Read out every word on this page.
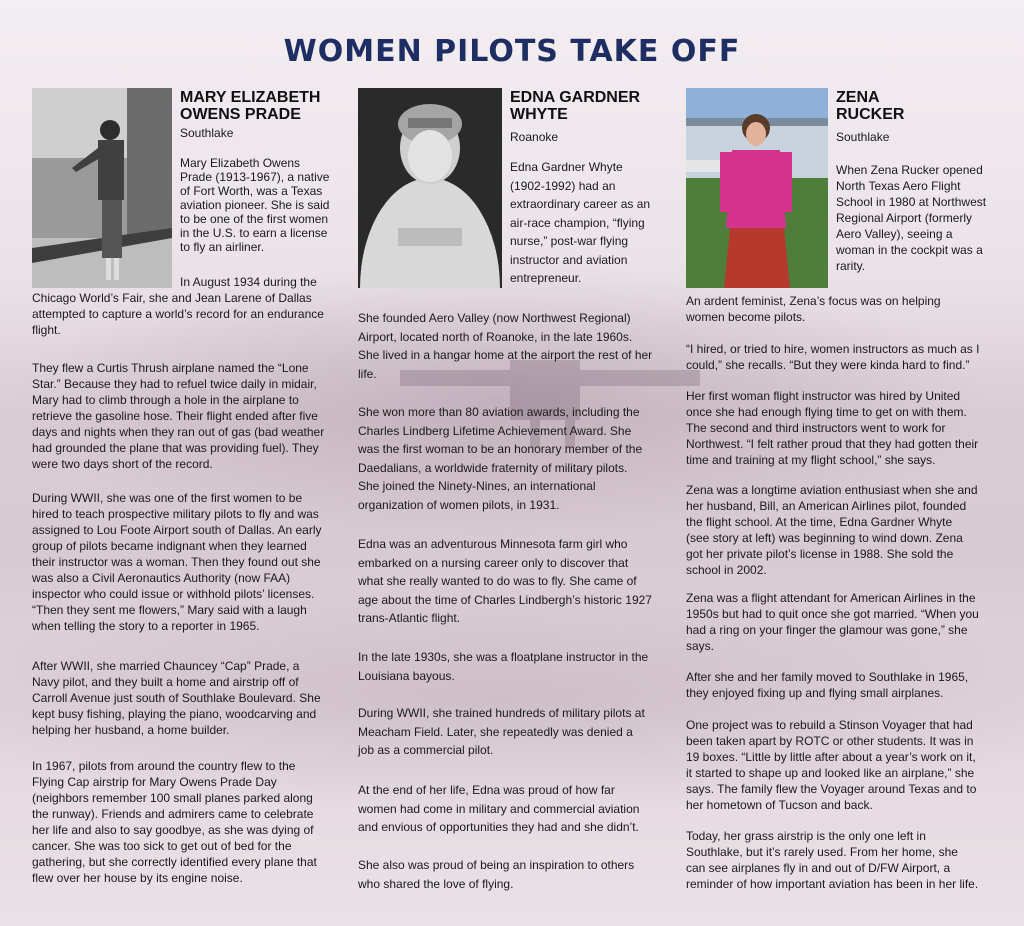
WOMEN PILOTS TAKE OFF
MARY ELIZABETH
OWENS PRADE
Southlake
Mary Elizabeth Owens
Prade (1913-1967), a native
of Fort Worth, was a Texas
aviation pioneer. She is said
to be one of the first women
in the U.S. to earn a license
to fly an airliner.
In August 1934 during the
Chicago World’s Fair, she and Jean Larene of Dallas
attempted to capture a world’s record for an endurance
flight.
They flew a Curtis Thrush airplane named the “Lone
Star.” Because they had to refuel twice daily in midair,
Mary had to climb through a hole in the airplane to
retrieve the gasoline hose. Their flight ended after five
days and nights when they ran out of gas (bad weather
had grounded the plane that was providing fuel). They
were two days short of the record.
During WWII, she was one of the first women to be
hired to teach prospective military pilots to fly and was
assigned to Lou Foote Airport south of Dallas. An early
group of pilots became indignant when they learned
their instructor was a woman. Then they found out she
was also a Civil Aeronautics Authority (now FAA)
inspector who could issue or withhold pilots’ licenses.
“Then they sent me flowers,” Mary said with a laugh
when telling the story to a reporter in 1965.
After WWII, she married Chauncey “Cap” Prade, a
Navy pilot, and they built a home and airstrip off of
Carroll Avenue just south of Southlake Boulevard. She
kept busy fishing, playing the piano, woodcarving and
helping her husband, a home builder.
In 1967, pilots from around the country flew to the
Flying Cap airstrip for Mary Owens Prade Day
(neighbors remember 100 small planes parked along
the runway). Friends and admirers came to celebrate
her life and also to say goodbye, as she was dying of
cancer. She was too sick to get out of bed for the
gathering, but she correctly identified every plane that
flew over her house by its engine noise.
EDNA GARDNER
WHYTE
Roanoke
Edna Gardner Whyte
(1902-1992) had an
extraordinary career as an
air-race champion, “flying
nurse,” post-war flying
instructor and aviation
entrepreneur.
She founded Aero Valley (now Northwest Regional)
Airport, located north of Roanoke, in the late 1960s.
She lived in a hangar home at the airport the rest of her
life.
She won more than 80 aviation awards, including the
Charles Lindberg Lifetime Achievement Award. She
was the first woman to be an honorary member of the
Daedalians, a worldwide fraternity of military pilots.
She joined the Ninety-Nines, an international
organization of women pilots, in 1931.
Edna was an adventurous Minnesota farm girl who
embarked on a nursing career only to discover that
what she really wanted to do was to fly. She came of
age about the time of Charles Lindbergh’s historic 1927
trans-Atlantic flight.
In the late 1930s, she was a floatplane instructor in the
Louisiana bayous.
During WWII, she trained hundreds of military pilots at
Meacham Field. Later, she repeatedly was denied a
job as a commercial pilot.
At the end of her life, Edna was proud of how far
women had come in military and commercial aviation
and envious of opportunities they had and she didn’t.
She also was proud of being an inspiration to others
who shared the love of flying.
ZENA
RUCKER
Southlake
When Zena Rucker opened
North Texas Aero Flight
School in 1980 at Northwest
Regional Airport (formerly
Aero Valley), seeing a
woman in the cockpit was a
rarity.
An ardent feminist, Zena’s focus was on helping
women become pilots.
“I hired, or tried to hire, women instructors as much as I
could,” she recalls. “But they were kinda hard to find.”
Her first woman flight instructor was hired by United
once she had enough flying time to get on with them.
The second and third instructors went to work for
Northwest. “I felt rather proud that they had gotten their
time and training at my flight school,” she says.
Zena was a longtime aviation enthusiast when she and
her husband, Bill, an American Airlines pilot, founded
the flight school. At the time, Edna Gardner Whyte
(see story at left) was beginning to wind down. Zena
got her private pilot’s license in 1988. She sold the
school in 2002.
Zena was a flight attendant for American Airlines in the
1950s but had to quit once she got married. “When you
had a ring on your finger the glamour was gone,” she
says.
After she and her family moved to Southlake in 1965,
they enjoyed fixing up and flying small airplanes.
One project was to rebuild a Stinson Voyager that had
been taken apart by ROTC or other students. It was in
19 boxes. “Little by little after about a year’s work on it,
it started to shape up and looked like an airplane,” she
says. The family flew the Voyager around Texas and to
her hometown of Tucson and back.
Today, her grass airstrip is the only one left in
Southlake, but it’s rarely used. From her home, she
can see airplanes fly in and out of D/FW Airport, a
reminder of how important aviation has been in her life.
